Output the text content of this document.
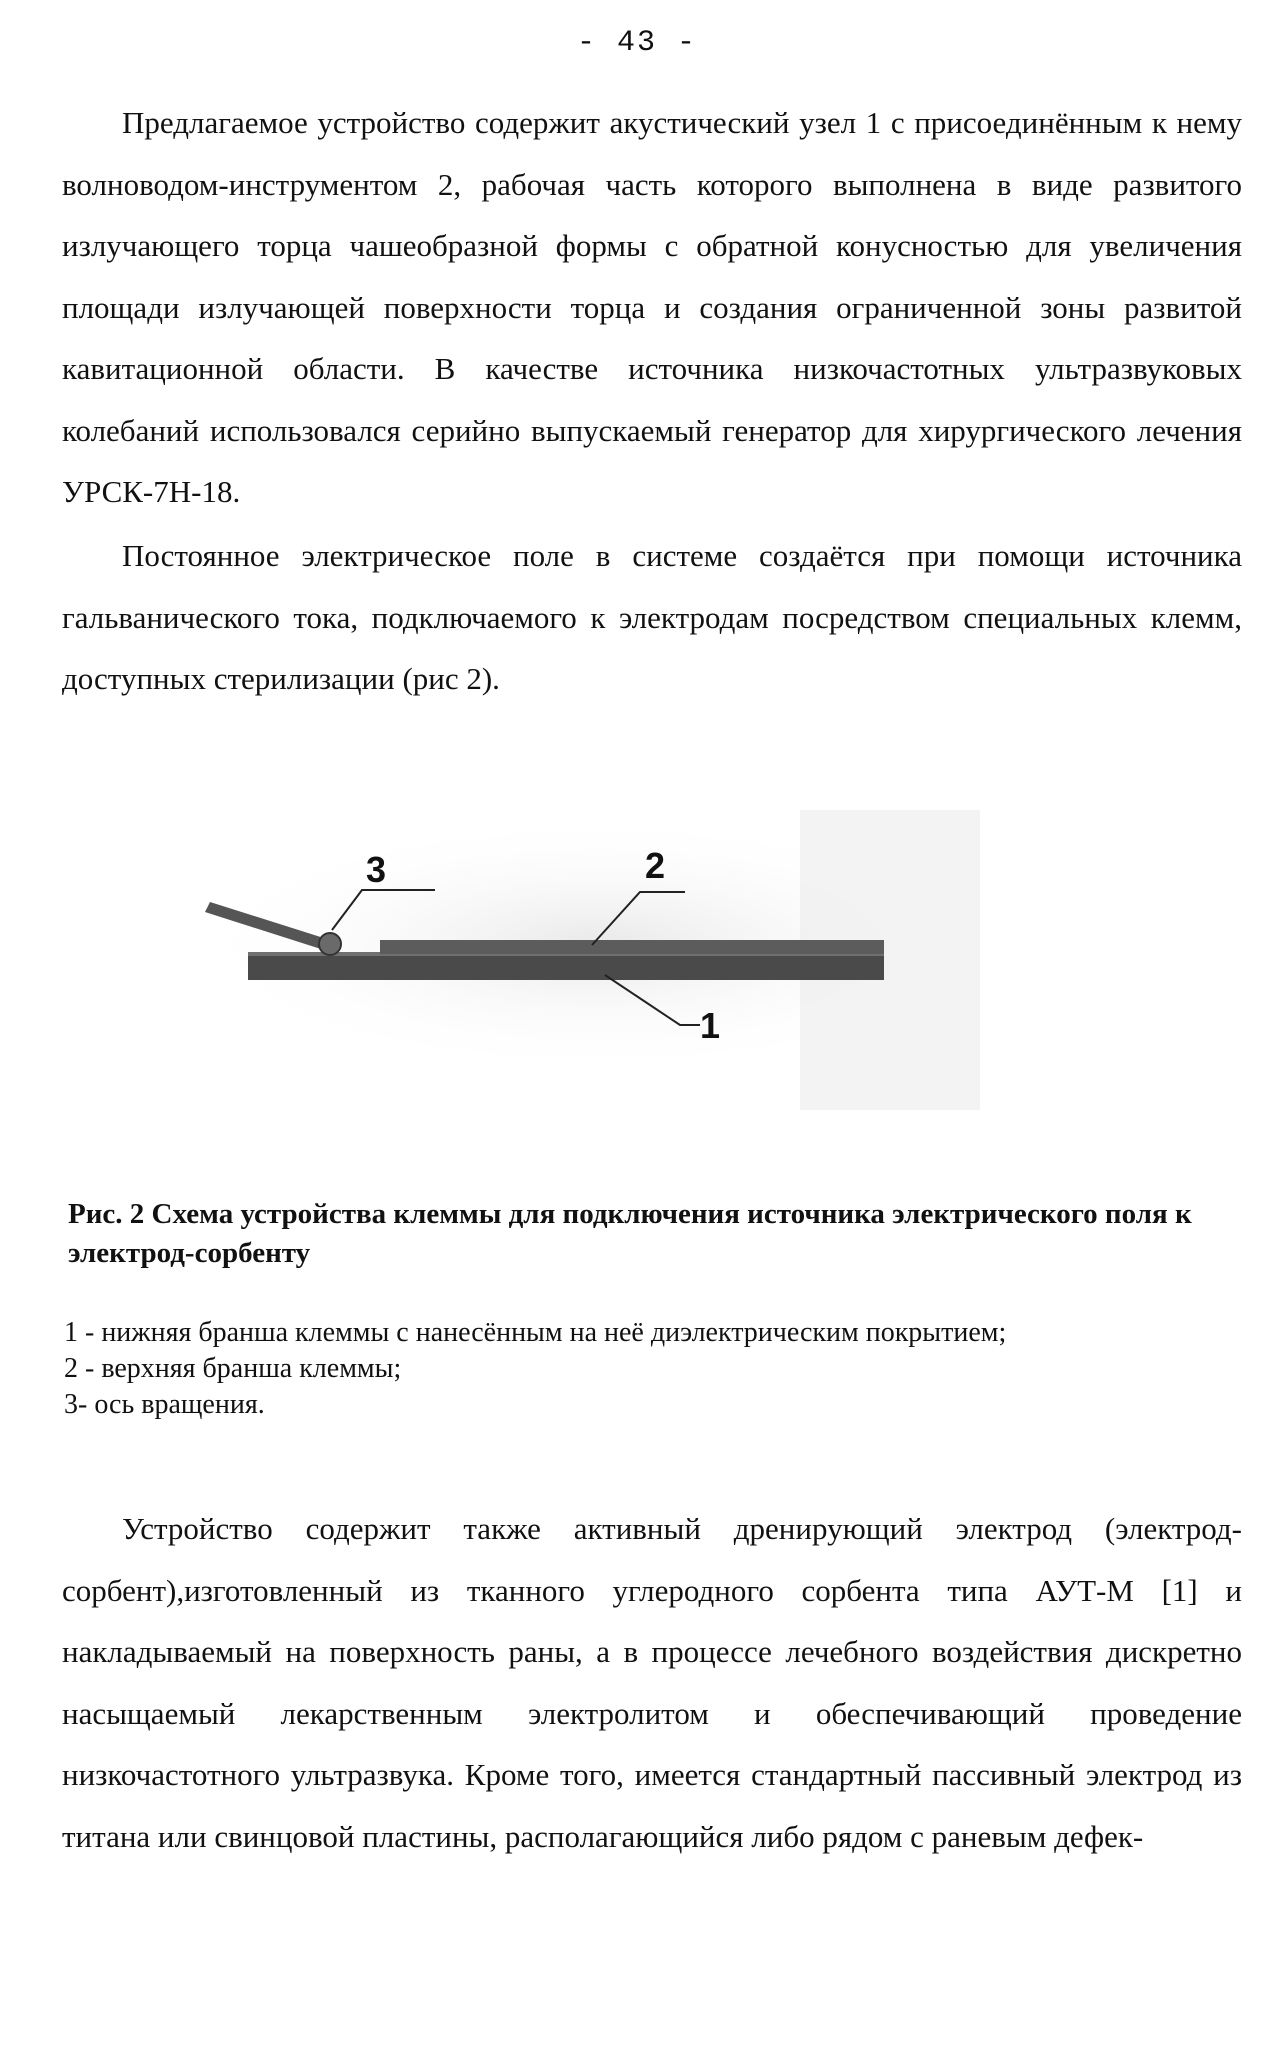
- 43 -

Предлагаемое устройство содержит акустический узел 1 с присоединённым к нему волноводом-инструментом 2, рабочая часть которого выполнена в виде развитого излучающего торца чашеобразной формы с обратной конусностью для увеличения площади излучающей поверхности торца и создания ограниченной зоны развитой кавитационной области. В качестве источника низкочастотных ультразвуковых колебаний использовался серийно выпускаемый генератор для хирургического лечения УРСК-7Н-18.

Постоянное электрическое поле в системе создаётся при помощи источника гальванического тока, подключаемого к электродам посредством специальных клемм, доступных стерилизации (рис 2).

3	2
1

Рис. 2 Схема устройства клеммы для подключения источника электрического поля к электрод-сорбенту

1 - нижняя бранша клеммы с нанесённым на неё диэлектрическим покрытием;
2 - верхняя бранша клеммы;
3- ось вращения.

Устройство содержит также активный дренирующий электрод (электрод-сорбент),изготовленный из тканного углеродного сорбента типа АУТ-М [1] и накладываемый на поверхность раны, а в процессе лечебного воздействия дискретно насыщаемый лекарственным электролитом и обеспечивающий проведение низкочастотного ультразвука. Кроме того, имеется стандартный пассивный электрод из титана или свинцовой пластины, располагающийся либо рядом с раневым дефек-
